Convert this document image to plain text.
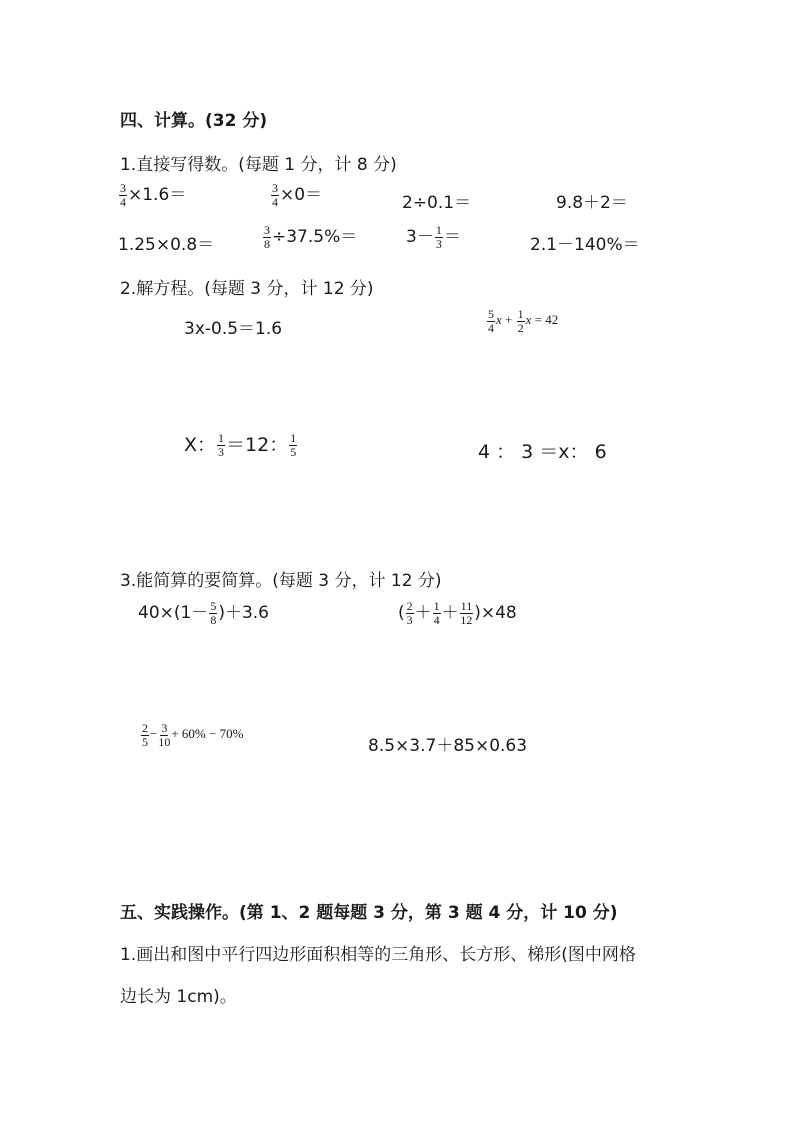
四、计算。(32 分)
1.直接写得数。(每题 1 分，计 8 分)
$\frac{3}{4} \times 1.6=$	$\frac{3}{4} \times 0=$	2÷0.1＝	9.8＋2＝
1.25×0.8＝	$\frac{3}{8} \div 37.5\%=$	$3- \frac{1}{3}$ ＝	2.1－140%＝
2.解方程。(每题 3 分，计 12 分)
3x-0.5＝1.6	$\frac{5}{4}$ $x + \frac{1}{2}$ x = 42
X： $\frac{1}{3} =12$： $\frac{1}{5}$	4 ： 3 ＝x： 6
3.能简算的要简算。(每题 3 分，计 12 分)
$40\times(1- \frac{5}{8} )+3.6$	( $\frac{2}{3} + \frac{1}{4} + \frac{11}{12} )\times 48$
$\frac{2}{5} - \frac{3}{10} + 60\% - 70\%$
8.5×3.7＋85×0.63
五、实践操作。(第 1、2 题每题 3 分，第 3 题 4 分，计 10 分)
1.画出和图中平行四边形面积相等的三角形、长方形、梯形(图中网格
边长为 1cm)。
